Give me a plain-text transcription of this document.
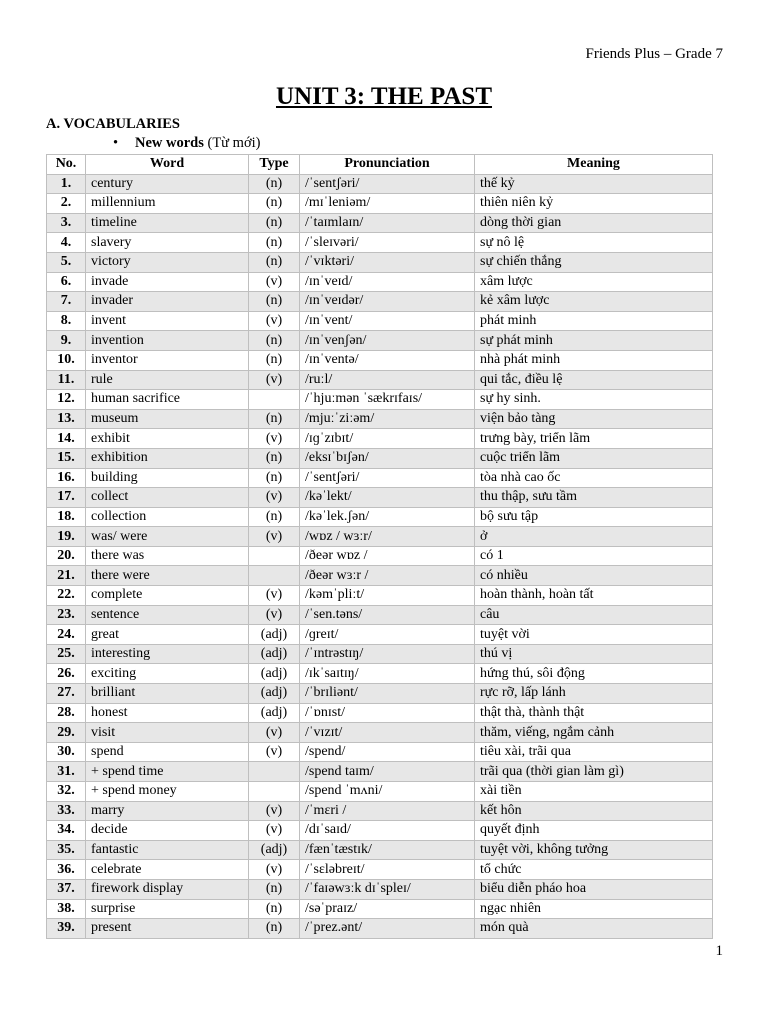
Friends Plus – Grade 7
UNIT 3: THE PAST
A. VOCABULARIES
• New words (Từ mới)
No.	Word	Type	Pronunciation	Meaning
1.	century	(n)	/ˈsentʃəri/	thế kỷ
2.	millennium	(n)	/mɪˈleniəm/	thiên niên kỷ
3.	timeline	(n)	/ˈtaɪmlaɪn/	dòng thời gian
4.	slavery	(n)	/ˈsleɪvəri/	sự nô lệ
5.	victory	(n)	/ˈvɪktəri/	sự chiến thắng
6.	invade	(v)	/ɪnˈveɪd/	xâm lược
7.	invader	(n)	/ɪnˈveɪdər/	kẻ xâm lược
8.	invent	(v)	/ɪnˈvent/	phát minh
9.	invention	(n)	/ɪnˈvenʃən/	sự phát minh
10.	inventor	(n)	/ɪnˈventə/	nhà phát minh
11.	rule	(v)	/ruːl/	qui tắc, điều lệ
12.	human sacrifice		/ˈhjuːmən ˈsækrɪfaɪs/	sự hy sinh.
13.	museum	(n)	/mjuːˈziːəm/	viện bảo tàng
14.	exhibit	(v)	/ɪɡˈzɪbɪt/	trưng bày, triển lãm
15.	exhibition	(n)	/eksɪˈbɪʃən/	cuộc triển lãm
16.	building	(n)	/ˈsentʃəri/	tòa nhà cao ốc
17.	collect	(v)	/kəˈlekt/	thu thập, sưu tầm
18.	collection	(n)	/kəˈlek.ʃən/	bộ sưu tập
19.	was/ were	(v)	/wɒz / wɜːr/	ở
20.	there was		/ðeər wɒz /	có 1
21.	there were		/ðeər wɜːr /	có nhiều
22.	complete	(v)	/kəmˈpliːt/	hoàn thành, hoàn tất
23.	sentence	(v)	/ˈsen.təns/	câu
24.	great	(adj)	/ɡreɪt/	tuyệt vời
25.	interesting	(adj)	/ˈɪntrəstɪŋ/	thú vị
26.	exciting	(adj)	/ɪkˈsaɪtɪŋ/	hứng thú, sôi động
27.	brilliant	(adj)	/ˈbrɪliənt/	rực rỡ, lấp lánh
28.	honest	(adj)	/ˈɒnɪst/	thật thà, thành thật
29.	visit	(v)	/ˈvɪzɪt/	thăm, viếng, ngắm cảnh
30.	spend	(v)	/spend/	tiêu xài, trãi qua
31.	+ spend time		/spend taɪm/	trãi qua (thời gian làm gì)
32.	+ spend money		/spend ˈmʌni/	xài tiền
33.	marry	(v)	/ˈmɛri /	kết hôn
34.	decide	(v)	/dɪˈsaɪd/	quyết định
35.	fantastic	(adj)	/fænˈtæstɪk/	tuyệt vời, không tưởng
36.	celebrate	(v)	/ˈsɛləbreɪt/	tổ chức
37.	firework display	(n)	/ˈfaɪəwɜːk dɪˈspleɪ/	biểu diễn pháo hoa
38.	surprise	(n)	/səˈpraɪz/	ngạc nhiên
39.	present	(n)	/ˈprez.ənt/	món quà
1
